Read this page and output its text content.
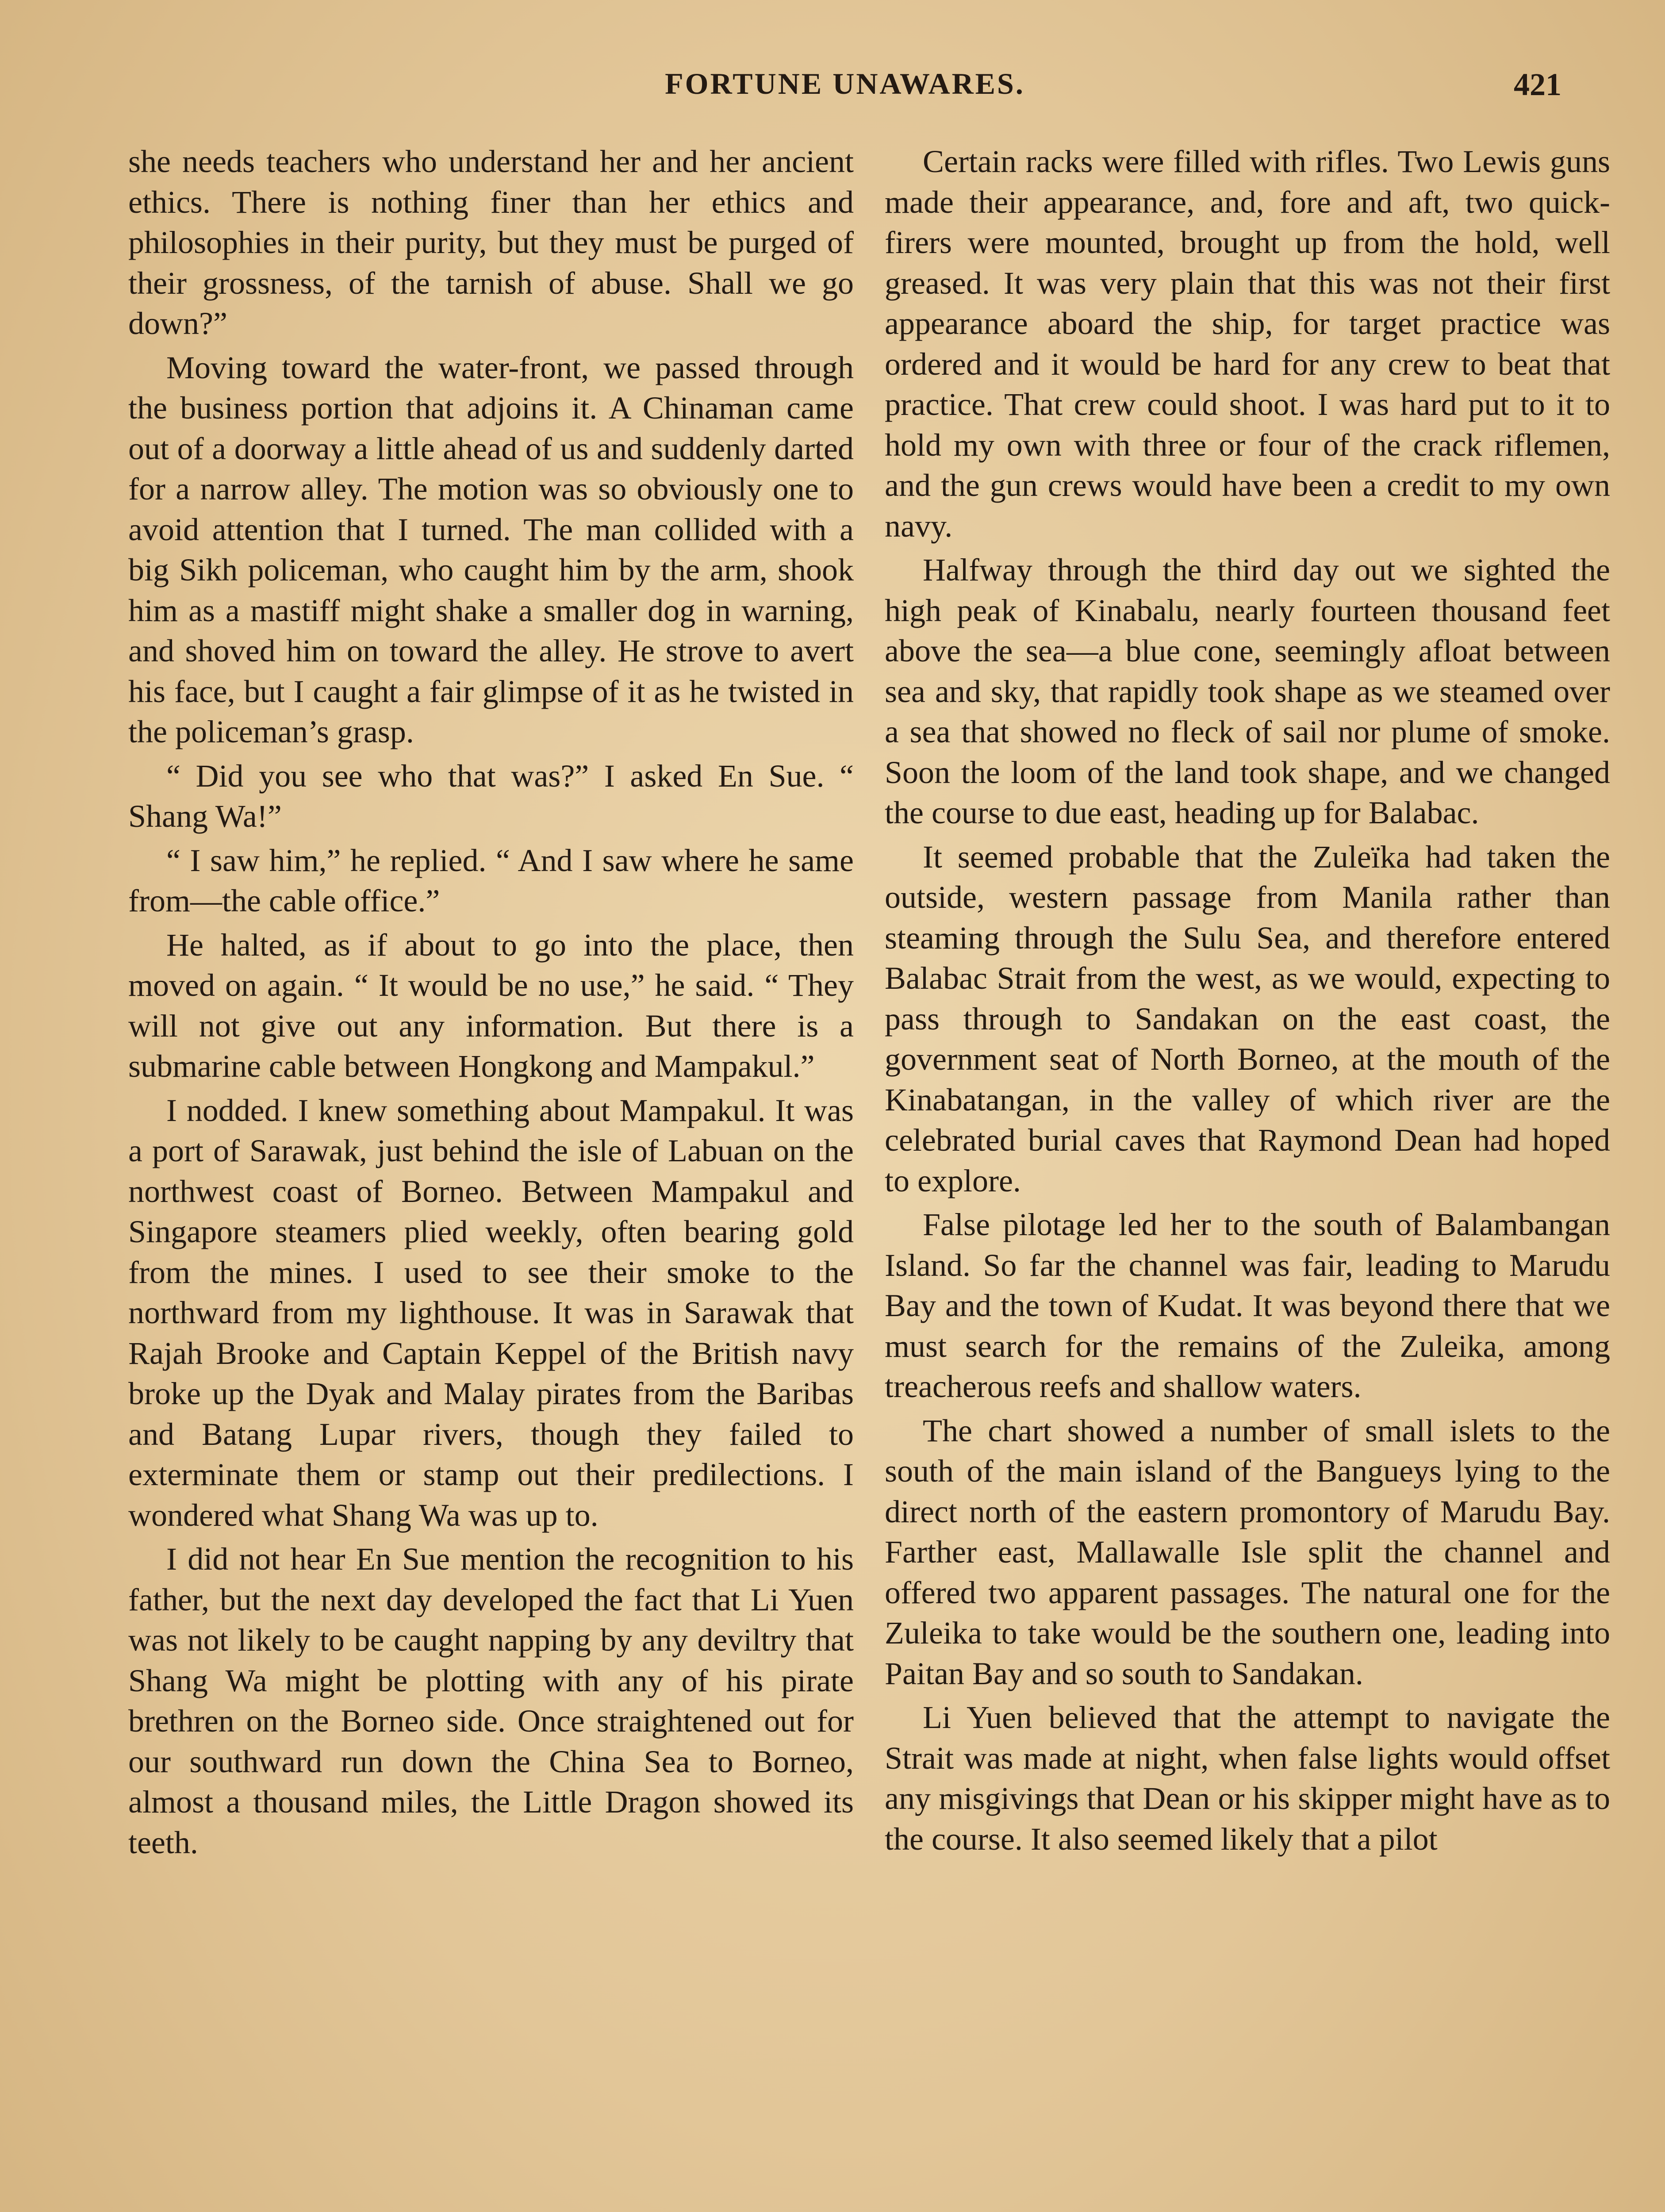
FORTUNE UNAWARES.	421

she needs teachers who understand her and her ancient ethics. There is nothing finer than her ethics and philosophies in their purity, but they must be purged of their grossness, of the tarnish of abuse. Shall we go down?”

Moving toward the water-front, we passed through the business portion that adjoins it. A Chinaman came out of a doorway a little ahead of us and suddenly darted for a narrow alley. The motion was so obviously one to avoid attention that I turned. The man collided with a big Sikh policeman, who caught him by the arm, shook him as a mastiff might shake a smaller dog in warning, and shoved him on toward the alley. He strove to avert his face, but I caught a fair glimpse of it as he twisted in the policeman’s grasp.

“ Did you see who that was?” I asked En Sue. “ Shang Wa!”

“ I saw him,” he replied. “ And I saw where he same from—the cable office.”

He halted, as if about to go into the place, then moved on again. “ It would be no use,” he said. “ They will not give out any information. But there is a submarine cable between Hongkong and Mampakul.”

I nodded. I knew something about Mampakul. It was a port of Sarawak, just behind the isle of Labuan on the northwest coast of Borneo. Between Mampakul and Singapore steamers plied weekly, often bearing gold from the mines. I used to see their smoke to the northward from my lighthouse. It was in Sarawak that Rajah Brooke and Captain Keppel of the British navy broke up the Dyak and Malay pirates from the Baribas and Batang Lupar rivers, though they failed to exterminate them or stamp out their predilections. I wondered what Shang Wa was up to.

I did not hear En Sue mention the recognition to his father, but the next day developed the fact that Li Yuen was not likely to be caught napping by any deviltry that Shang Wa might be plotting with any of his pirate brethren on the Borneo side. Once straightened out for our southward run down the China Sea to Borneo, almost a thousand miles, the Little Dragon showed its teeth.

Certain racks were filled with rifles. Two Lewis guns made their appearance, and, fore and aft, two quick-firers were mounted, brought up from the hold, well greased. It was very plain that this was not their first appearance aboard the ship, for target practice was ordered and it would be hard for any crew to beat that practice. That crew could shoot. I was hard put to it to hold my own with three or four of the crack riflemen, and the gun crews would have been a credit to my own navy.

Halfway through the third day out we sighted the high peak of Kinabalu, nearly fourteen thousand feet above the sea—a blue cone, seemingly afloat between sea and sky, that rapidly took shape as we steamed over a sea that showed no fleck of sail nor plume of smoke. Soon the loom of the land took shape, and we changed the course to due east, heading up for Balabac.

It seemed probable that the Zuleïka had taken the outside, western passage from Manila rather than steaming through the Sulu Sea, and therefore entered Balabac Strait from the west, as we would, expecting to pass through to Sandakan on the east coast, the government seat of North Borneo, at the mouth of the Kinabatangan, in the valley of which river are the celebrated burial caves that Raymond Dean had hoped to explore.

False pilotage led her to the south of Balambangan Island. So far the channel was fair, leading to Marudu Bay and the town of Kudat. It was beyond there that we must search for the remains of the Zuleika, among treacherous reefs and shallow waters.

The chart showed a number of small islets to the south of the main island of the Bangueys lying to the direct north of the eastern promontory of Marudu Bay. Farther east, Mallawalle Isle split the channel and offered two apparent passages. The natural one for the Zuleika to take would be the southern one, leading into Paitan Bay and so south to Sandakan.

Li Yuen believed that the attempt to navigate the Strait was made at night, when false lights would offset any misgivings that Dean or his skipper might have as to the course. It also seemed likely that a pilot
